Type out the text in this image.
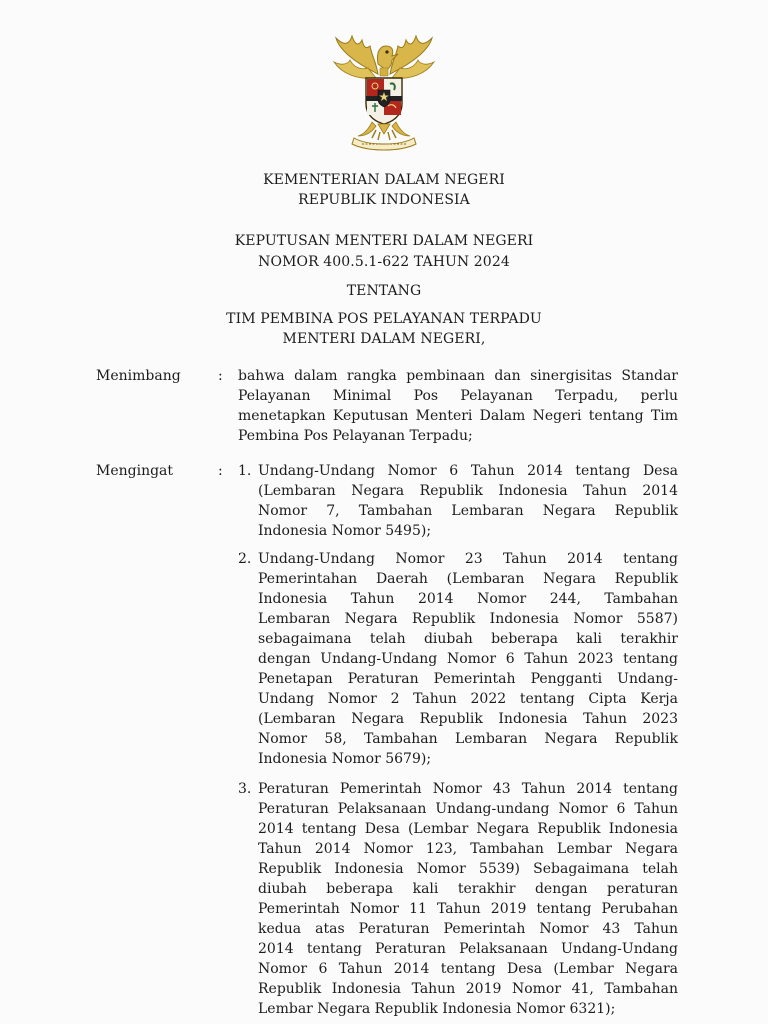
KEMENTERIAN DALAM NEGERI
REPUBLIK INDONESIA
KEPUTUSAN MENTERI DALAM NEGERI
NOMOR 400.5.1-622 TAHUN 2024
TENTANG
TIM PEMBINA POS PELAYANAN TERPADU
MENTERI DALAM NEGERI,
Menimbang	: bahwa dalam rangka pembinaan dan sinergisitas Standar
Pelayanan Minimal Pos Pelayanan Terpadu, perlu
menetapkan Keputusan Menteri Dalam Negeri tentang Tim
Pembina Pos Pelayanan Terpadu;
Mengingat	: 1. Undang-Undang Nomor 6 Tahun 2014 tentang Desa
(Lembaran Negara Republik Indonesia Tahun 2014
Nomor 7, Tambahan Lembaran Negara Republik
Indonesia Nomor 5495);
2. Undang-Undang Nomor 23 Tahun 2014 tentang
Pemerintahan Daerah (Lembaran Negara Republik
Indonesia Tahun 2014 Nomor 244, Tambahan
Lembaran Negara Republik Indonesia Nomor 5587)
sebagaimana telah diubah beberapa kali terakhir
dengan Undang-Undang Nomor 6 Tahun 2023 tentang
Penetapan Peraturan Pemerintah Pengganti Undang-
Undang Nomor 2 Tahun 2022 tentang Cipta Kerja
(Lembaran Negara Republik Indonesia Tahun 2023
Nomor 58, Tambahan Lembaran Negara Republik
Indonesia Nomor 5679);
3. Peraturan Pemerintah Nomor 43 Tahun 2014 tentang
Peraturan Pelaksanaan Undang-undang Nomor 6 Tahun
2014 tentang Desa (Lembar Negara Republik Indonesia
Tahun 2014 Nomor 123, Tambahan Lembar Negara
Republik Indonesia Nomor 5539) Sebagaimana telah
diubah beberapa kali terakhir dengan peraturan
Pemerintah Nomor 11 Tahun 2019 tentang Perubahan
kedua atas Peraturan Pemerintah Nomor 43 Tahun
2014 tentang Peraturan Pelaksanaan Undang-Undang
Nomor 6 Tahun 2014 tentang Desa (Lembar Negara
Republik Indonesia Tahun 2019 Nomor 41, Tambahan
Lembar Negara Republik Indonesia Nomor 6321);
